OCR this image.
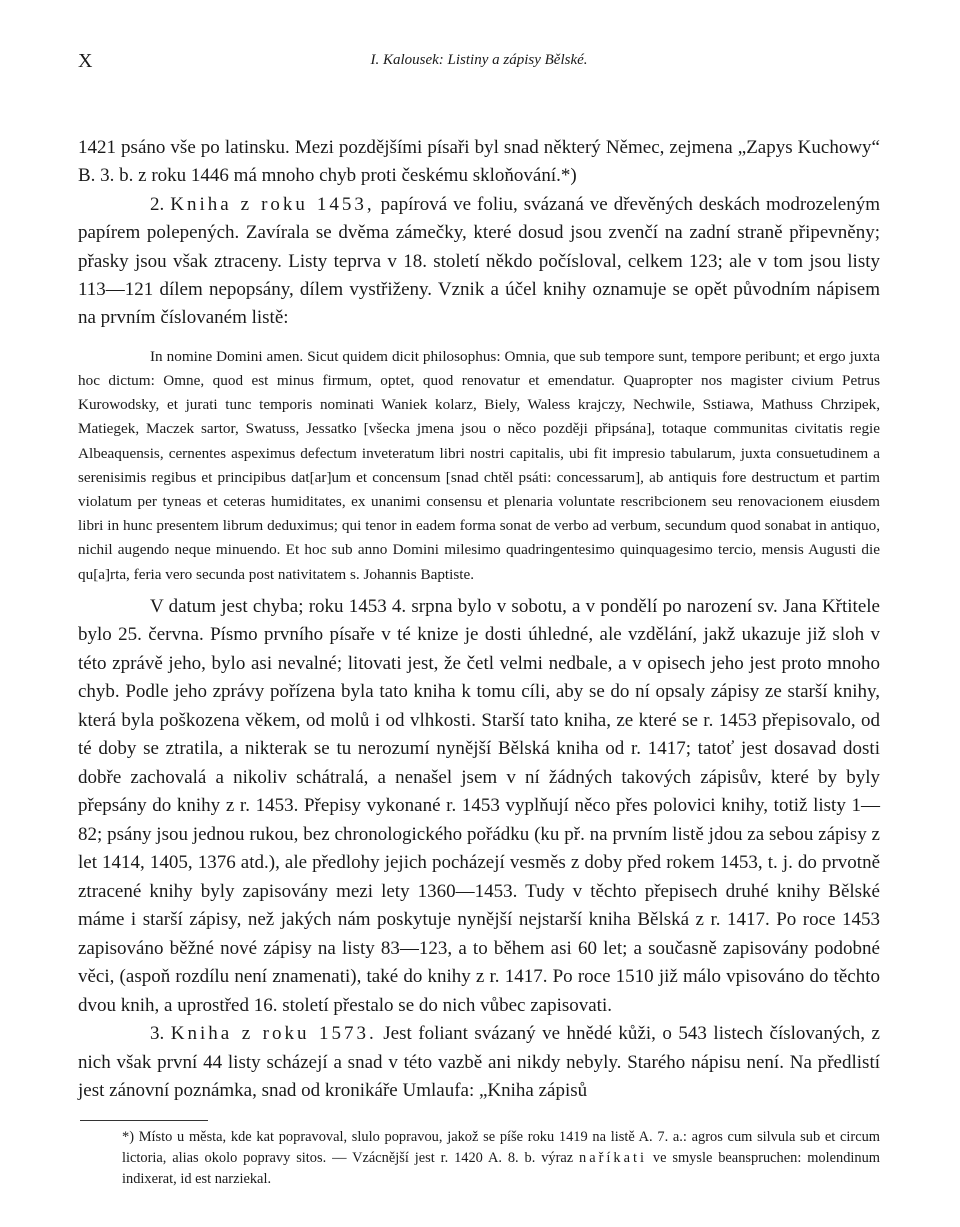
X	I. Kalousek: Listiny a zápisy Bělské.

1421 psáno vše po latinsku. Mezi pozdějšími písaři byl snad některý Němec, zejmena „Zapys Kuchowy“ B. 3. b. z roku 1446 má mnoho chyb proti českému skloňování.*)

2. Kniha z roku 1453, papírová ve foliu, svázaná ve dřevěných deskách modrozeleným papírem polepených. Zavírala se dvěma zámečky, které dosud jsou zvenčí na zadní straně připevněny; přasky jsou však ztraceny. Listy teprva v 18. století někdo počísloval, celkem 123; ale v tom jsou listy 113—121 dílem nepopsány, dílem vystřiženy. Vznik a účel knihy oznamuje se opět původním nápisem na prvním číslovaném listě:

In nomine Domini amen. Sicut quidem dicit philosophus: Omnia, que sub tempore sunt, tempore peribunt; et ergo juxta hoc dictum: Omne, quod est minus firmum, optet, quod renovatur et emendatur. Quapropter nos magister civium Petrus Kurowodsky, et jurati tunc temporis nominati Waniek kolarz, Biely, Waless krajczy, Nechwile, Sstiawa, Mathuss Chrzipek, Matiegek, Maczek sartor, Swatuss, Jessatko [všecka jmena jsou o něco později připsána], totaque communitas civitatis regie Albeaquensis, cernentes aspeximus defectum inveteratum libri nostri capitalis, ubi fit impresio tabularum, juxta consuetudinem a serenisimis regibus et principibus dat[ar]um et concensum [snad chtěl psáti: concessarum], ab antiquis fore destructum et partim violatum per tyneas et ceteras humiditates, ex unanimi consensu et plenaria voluntate rescribcionem seu renovacionem eiusdem libri in hunc presentem librum deduximus; qui tenor in eadem forma sonat de verbo ad verbum, secundum quod sonabat in antiquo, nichil augendo neque minuendo. Et hoc sub anno Domini milesimo quadringentesimo quinquagesimo tercio, mensis Augusti die qu[a]rta, feria vero secunda post nativitatem s. Johannis Baptiste.

V datum jest chyba; roku 1453 4. srpna bylo v sobotu, a v pondělí po narození sv. Jana Křtitele bylo 25. června. Písmo prvního písaře v té knize je dosti úhledné, ale vzdělání, jakž ukazuje již sloh v této zprávě jeho, bylo asi nevalné; litovati jest, že četl velmi nedbale, a v opisech jeho jest proto mnoho chyb. Podle jeho zprávy pořízena byla tato kniha k tomu cíli, aby se do ní opsaly zápisy ze starší knihy, která byla poškozena věkem, od molů i od vlhkosti. Starší tato kniha, ze které se r. 1453 přepisovalo, od té doby se ztratila, a nikterak se tu nerozumí nynější Bělská kniha od r. 1417; tatoť jest dosavad dosti dobře zachovalá a nikoliv schátralá, a nenašel jsem v ní žádných takových zápisův, které by byly přepsány do knihy z r. 1453. Přepisy vykonané r. 1453 vyplňují něco přes polovici knihy, totiž listy 1—82; psány jsou jednou rukou, bez chronologického pořádku (ku př. na prvním listě jdou za sebou zápisy z let 1414, 1405, 1376 atd.), ale předlohy jejich pocházejí vesměs z doby před rokem 1453, t. j. do prvotně ztracené knihy byly zapisovány mezi lety 1360—1453. Tudy v těchto přepisech druhé knihy Bělské máme i starší zápisy, než jakých nám poskytuje nynější nejstarší kniha Bělská z r. 1417. Po roce 1453 zapisováno běžné nové zápisy na listy 83—123, a to během asi 60 let; a současně zapisovány podobné věci, (aspoň rozdílu není znamenati), také do knihy z r. 1417. Po roce 1510 již málo vpisováno do těchto dvou knih, a uprostřed 16. století přestalo se do nich vůbec zapisovati.

3. Kniha z roku 1573. Jest foliant svázaný ve hnědé kůži, o 543 listech číslovaných, z nich však první 44 listy scházejí a snad v této vazbě ani nikdy nebyly. Starého nápisu není. Na předlistí jest zánovní poznámka, snad od kronikáře Umlaufa: „Kniha zápisů

*) Místo u města, kde kat popravoval, slulo popravou, jakož se píše roku 1419 na listě A. 7. a.: agros cum silvula sub et circum lictoria, alias okolo popravy sitos. — Vzácnější jest r. 1420 A. 8. b. výraz naříkati ve smysle beanspruchen: molendinum indixerat, id est narziekal.
